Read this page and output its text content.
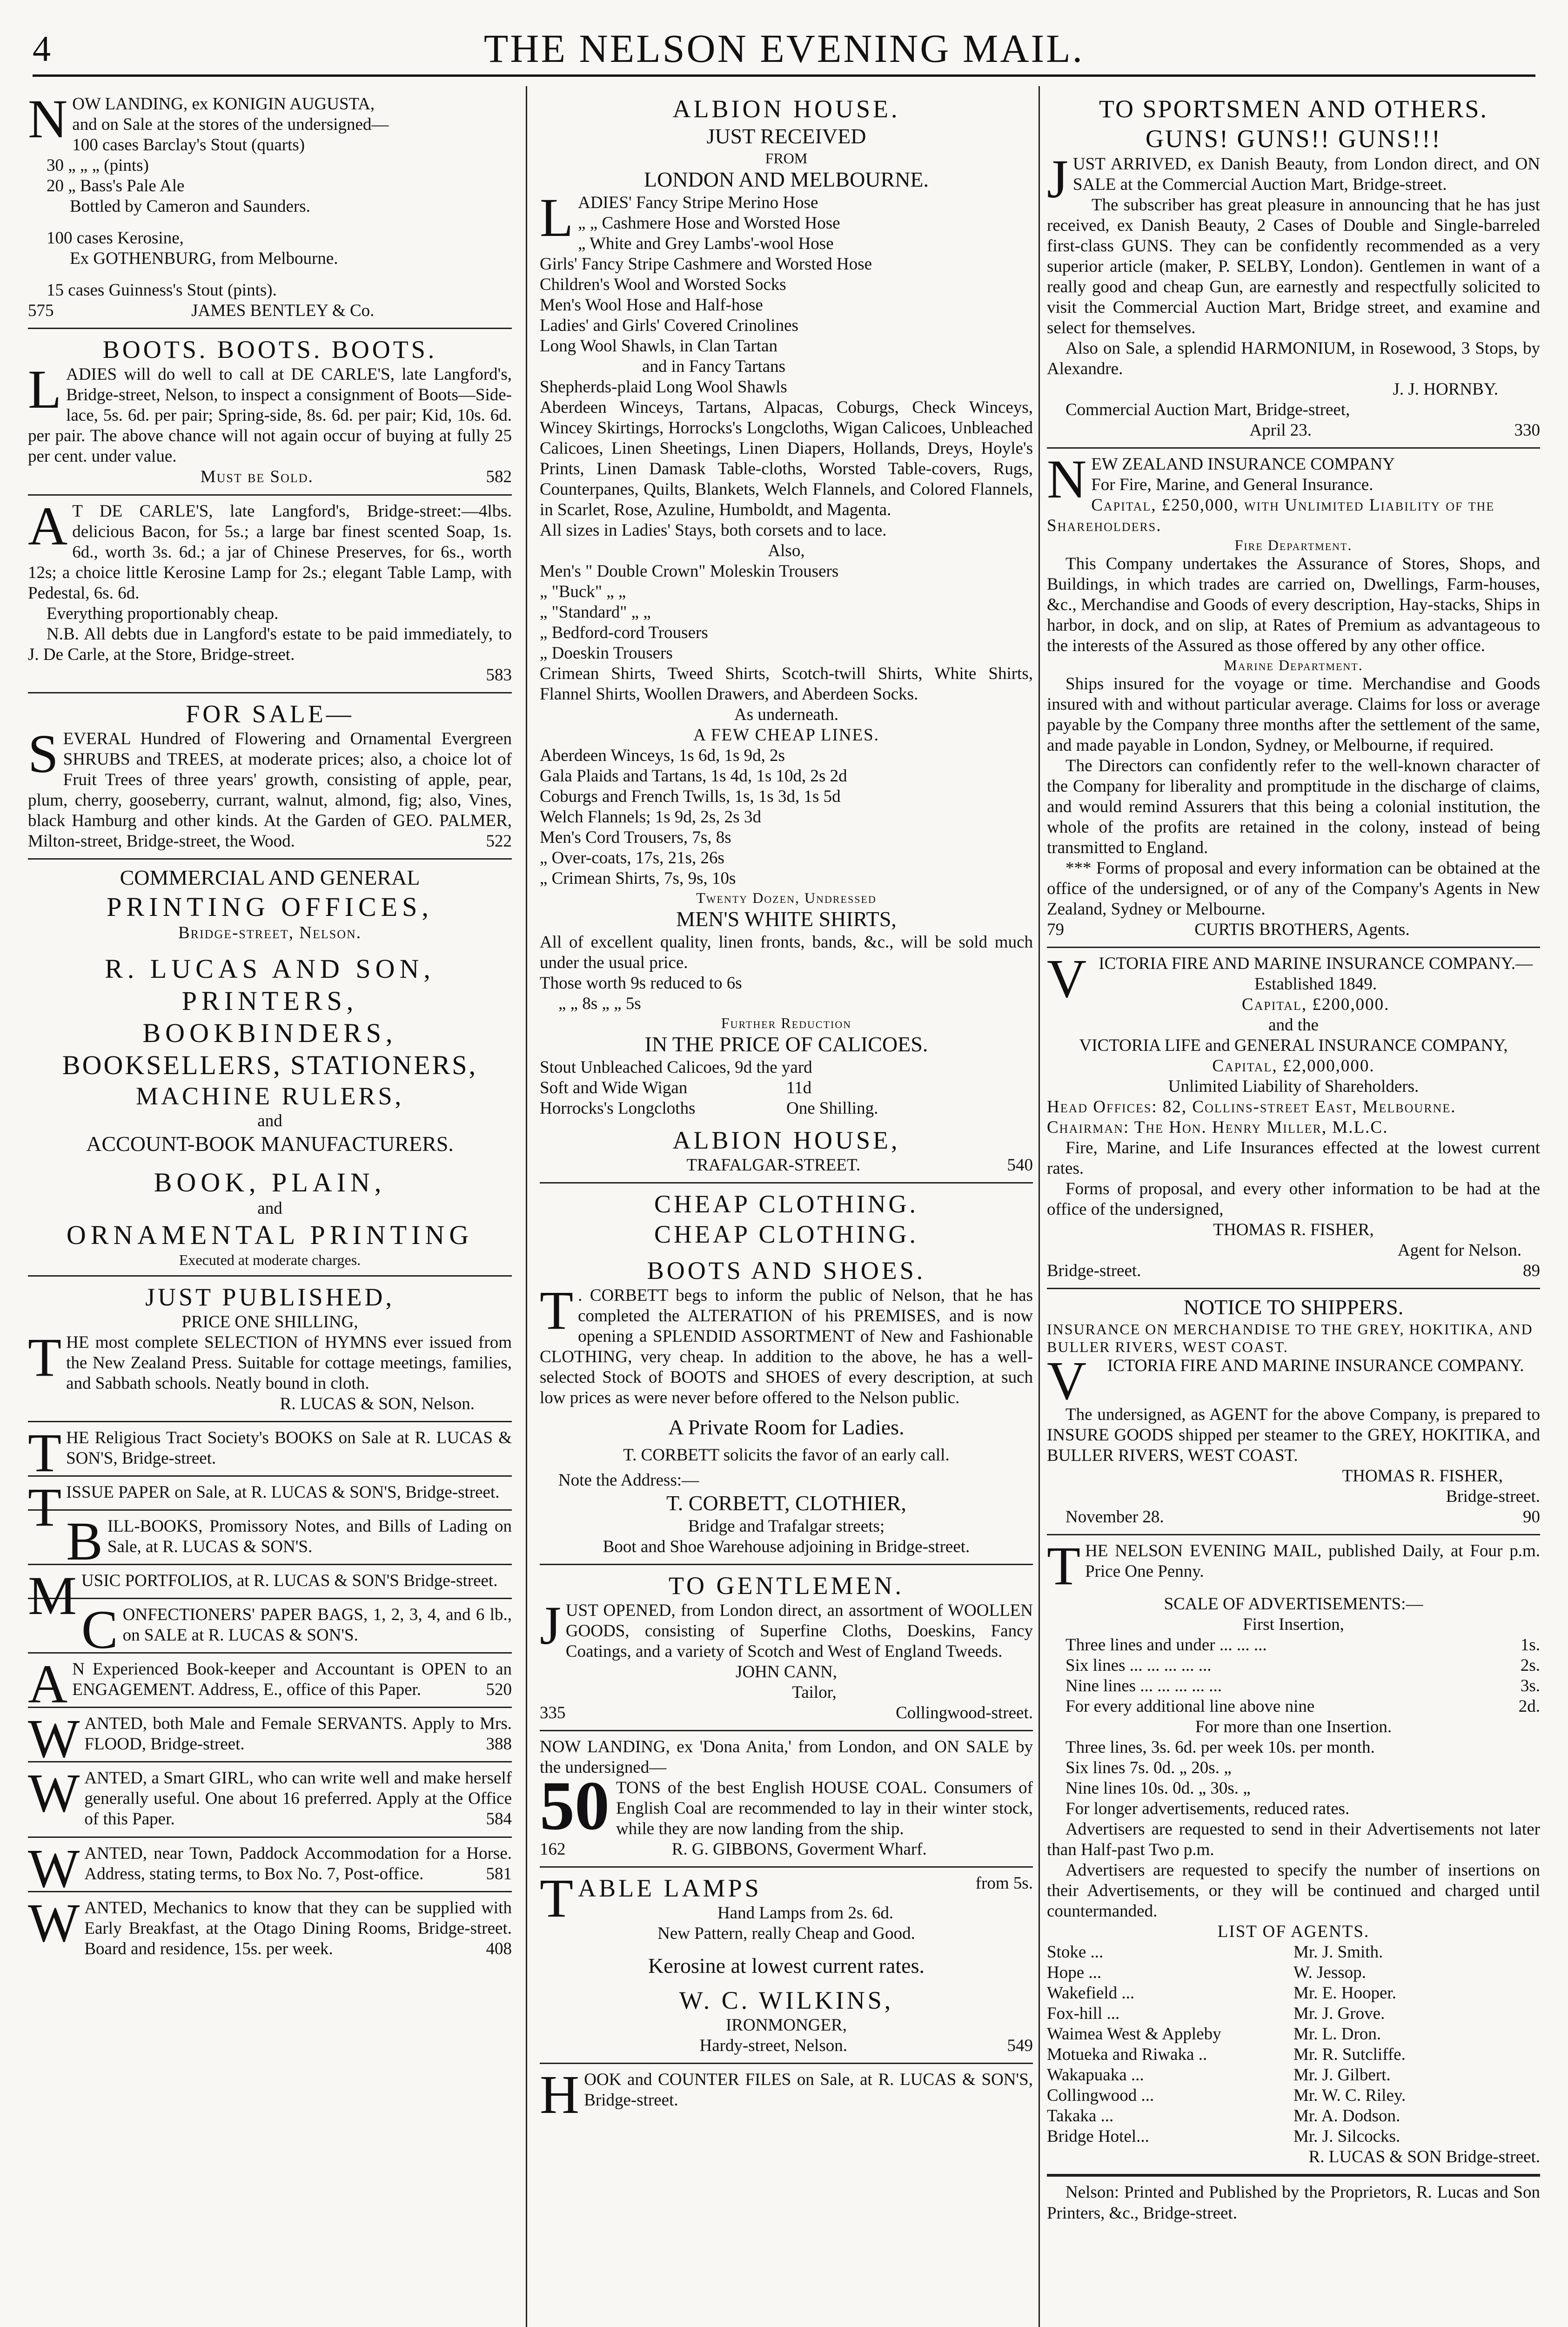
4	THE NELSON EVENING MAIL.
N OW LANDING, ex KONIGIN AUGUSTA,
and on Sale at the stores of the undersigned—
100 cases Barclay's Stout (quarts)
30 „ „ „ (pints)
20 „ Bass's Pale Ale
Bottled by Cameron and Saunders.
100 cases Kerosine,
Ex GOTHENBURG, from Melbourne.
15 cases Guinness's Stout (pints).
575	JAMES BENTLEY & Co.
BOOTS. BOOTS. BOOTS.

LADIES will do well to call at DE CARLE'S, late Langford's, Bridge-street, Nelson, to inspect a consignment of Boots—Side-lace, 5s. 6d. per pair; Spring-side, 8s. 6d. per pair; Kid, 10s. 6d. per pair. The above chance will not again occur of buying at fully 25 per cent. under value.

Must be Sold.	582

A T DE CARLE'S, late Langford's, Bridge-street:—4lbs. delicious Bacon, for 5s.; a large bar finest scented Soap, 1s. 6d., worth 3s. 6d.; a jar of Chinese Preserves, for 6s., worth 12s; a choice little Kerosine Lamp for 2s.; elegant Table Lamp, with Pedestal, 6s. 6d.

Everything proportionably cheap.

N.B. All debts due in Langford's estate to be paid immediately, to J. De Carle, at the Store, Bridge-street.

583
FOR SALE—

SEVERAL Hundred of Flowering and Ornamental Evergreen SHRUBS and TREES, at moderate prices; also, a choice lot of Fruit Trees of three years' growth, consisting of apple, pear, plum, cherry, gooseberry, currant, walnut, almond, fig; also, Vines, black Hamburg and other kinds. At the Garden of GEO. PALMER, Milton-street, Bridge-street, the Wood.	522

COMMERCIAL AND GENERAL
PRINTING OFFICES,
Bridge-street, Nelson.
R. LUCAS AND SON,
PRINTERS,
BOOKBINDERS,
BOOKSELLERS, STATIONERS,
MACHINE RULERS,
and
ACCOUNT-BOOK MANUFACTURERS.
BOOK, PLAIN,
and
ORNAMENTAL PRINTING
Executed at moderate charges.
JUST PUBLISHED,
PRICE ONE SHILLING,

THE most complete SELECTION of HYMNS ever issued from the New Zealand Press. Suitable for cottage meetings, families, and Sabbath schools. Neatly bound in cloth.

R. LUCAS & SON, Nelson.

THE Religious Tract Society's BOOKS on Sale at R. LUCAS & SON'S, Bridge-street.

TISSUE PAPER on Sale, at R. LUCAS & SON'S, Bridge-street.

BILL-BOOKS, Promissory Notes, and Bills of Lading on Sale, at R. LUCAS & SON'S.

MUSIC PORTFOLIOS, at R. LUCAS & SON'S Bridge-street.

CONFECTIONERS' PAPER BAGS, 1, 2, 3, 4, and 6 lb., on SALE at R. LUCAS & SON'S.

A N Experienced Book-keeper and Accountant is OPEN to an ENGAGEMENT. Address, E., office of this Paper.	520

WANTED, both Male and Female SERVANTS. Apply to Mrs. FLOOD, Bridge-street.	388

WANTED, a Smart GIRL, who can write well and make herself generally useful. One about 16 preferred. Apply at the Office of this Paper.	584

WANTED, near Town, Paddock Accommodation for a Horse. Address, stating terms, to Box No. 7, Post-office.	581

WANTED, Mechanics to know that they can be supplied with Early Breakfast, at the Otago Dining Rooms, Bridge-street. Board and residence, 15s. per week.	408

ALBION HOUSE.
JUST RECEIVED
FROM
LONDON AND MELBOURNE.
L ADIES' Fancy Stripe Merino Hose
„ „ Cashmere Hose and Worsted Hose
„ White and Grey Lambs'-wool Hose
Girls' Fancy Stripe Cashmere and Worsted Hose
Children's Wool and Worsted Socks
Men's Wool Hose and Half-hose
Ladies' and Girls' Covered Crinolines
Long Wool Shawls, in Clan Tartan
and in Fancy Tartans
Shepherds-plaid Long Wool Shawls

Aberdeen Winceys, Tartans, Alpacas, Coburgs, Check Winceys, Wincey Skirtings, Horrocks's Longcloths, Wigan Calicoes, Unbleached Calicoes, Linen Sheetings, Linen Diapers, Hollands, Dreys, Hoyle's Prints, Linen Damask Table-cloths, Worsted Table-covers, Rugs, Counterpanes, Quilts, Blankets, Welch Flannels, and Colored Flannels, in Scarlet, Rose, Azuline, Humboldt, and Magenta.

All sizes in Ladies' Stays, both corsets and to lace.
Also,
Men's " Double Crown" Moleskin Trousers
„ "Buck" „ „
„ "Standard" „ „
„ Bedford-cord Trousers
„ Doeskin Trousers

Crimean Shirts, Tweed Shirts, Scotch-twill Shirts, White Shirts, Flannel Shirts, Woollen Drawers, and Aberdeen Socks.

As underneath.
A FEW CHEAP LINES.
Aberdeen Winceys, 1s 6d, 1s 9d, 2s
Gala Plaids and Tartans, 1s 4d, 1s 10d, 2s 2d
Coburgs and French Twills, 1s, 1s 3d, 1s 5d
Welch Flannels; 1s 9d, 2s, 2s 3d
Men's Cord Trousers, 7s, 8s
„ Over-coats, 17s, 21s, 26s
„ Crimean Shirts, 7s, 9s, 10s
Twenty Dozen, Undressed
MEN'S WHITE SHIRTS,

All of excellent quality, linen fronts, bands, &c., will be sold much under the usual price.

Those worth 9s reduced to 6s
„ „ 8s „ „ 5s
Further Reduction
IN THE PRICE OF CALICOES.
Stout Unbleached Calicoes, 9d the yard
Soft and Wide Wigan	11d
Horrocks's Longcloths	One Shilling.
ALBION HOUSE,
TRAFALGAR-STREET.	540
CHEAP CLOTHING.
CHEAP CLOTHING.
BOOTS AND SHOES.

T . CORBETT begs to inform the public of Nelson, that he has completed the ALTERATION of his PREMISES, and is now opening a SPLENDID ASSORTMENT of New and Fashionable CLOTHING, very cheap. In addition to the above, he has a well-selected Stock of BOOTS and SHOES of every description, at such low prices as were never before offered to the Nelson public.

A Private Room for Ladies.
T. CORBETT solicits the favor of an early call.
Note the Address:—
T. CORBETT, CLOTHIER,
Bridge and Trafalgar streets;
Boot and Shoe Warehouse adjoining in Bridge-street.
TO GENTLEMEN.

JUST OPENED, from London direct, an assortment of WOOLLEN GOODS, consisting of Superfine Cloths, Doeskins, Fancy Coatings, and a variety of Scotch and West of England Tweeds.

JOHN CANN,
Tailor,
335	Collingwood-street.

NOW LANDING, ex 'Dona Anita,' from London, and ON SALE by the undersigned—

50 TONS of the best English HOUSE COAL. Consumers of English Coal are recommended to lay in their winter stock, while they are now landing from the ship.

162	R. G. GIBBONS, Goverment Wharf.
T ABLE LAMPS	from 5s.
Hand Lamps from 2s. 6d.
New Pattern, really Cheap and Good.
Kerosine at lowest current rates.
W. C. WILKINS,
IRONMONGER,
Hardy-street, Nelson.	549

HOOK and COUNTER FILES on Sale, at R. LUCAS & SON'S, Bridge-street.

TO SPORTSMEN AND OTHERS.
GUNS! GUNS!! GUNS!!!

JUST ARRIVED, ex Danish Beauty, from London direct, and ON SALE at the Commercial Auction Mart, Bridge-street.

The subscriber has great pleasure in announcing that he has just received, ex Danish Beauty, 2 Cases of Double and Single-barreled first-class GUNS. They can be confidently recommended as a very superior article (maker, P. SELBY, London). Gentlemen in want of a really good and cheap Gun, are earnestly and respectfully solicited to visit the Commercial Auction Mart, Bridge street, and examine and select for themselves.

Also on Sale, a splendid HARMONIUM, in Rosewood, 3 Stops, by Alexandre.

J. J. HORNBY.
Commercial Auction Mart, Bridge-street,
April 23.	330
N EW ZEALAND INSURANCE COMPANY
For Fire, Marine, and General Insurance.
Capital, £250,000, with Unlimited Liability of the Shareholders.
Fire Department.

This Company undertakes the Assurance of Stores, Shops, and Buildings, in which trades are carried on, Dwellings, Farm-houses, &c., Merchandise and Goods of every description, Hay-stacks, Ships in harbor, in dock, and on slip, at Rates of Premium as advantageous to the interests of the Assured as those offered by any other office.

Marine Department.

Ships insured for the voyage or time. Merchandise and Goods insured with and without particular average. Claims for loss or average payable by the Company three months after the settlement of the same, and made payable in London, Sydney, or Melbourne, if required.

The Directors can confidently refer to the well-known character of the Company for liberality and promptitude in the discharge of claims, and would remind Assurers that this being a colonial institution, the whole of the profits are retained in the colony, instead of being transmitted to England.

*** Forms of proposal and every information can be obtained at the office of the undersigned, or of any of the Company's Agents in New Zealand, Sydney or Melbourne.

79	CURTIS BROTHERS, Agents.
V ICTORIA FIRE AND MARINE INSURANCE COMPANY.—Established 1849.
Capital, £200,000.
and the
VICTORIA LIFE and GENERAL INSURANCE COMPANY,
Capital, £2,000,000.
Unlimited Liability of Shareholders.
Head Offices: 82, Collins-street East, Melbourne.
Chairman: The Hon. Henry Miller, M.L.C.

Fire, Marine, and Life Insurances effected at the lowest current rates.

Forms of proposal, and every other information to be had at the office of the undersigned,

THOMAS R. FISHER,
Agent for Nelson.
Bridge-street.	89
NOTICE TO SHIPPERS.
INSURANCE ON MERCHANDISE TO THE GREY, HOKITIKA, AND BULLER RIVERS, WEST COAST.
V	ICTORIA FIRE AND MARINE INSURANCE COMPANY.

The undersigned, as AGENT for the above Company, is prepared to INSURE GOODS shipped per steamer to the GREY, HOKITIKA, and BULLER RIVERS, WEST COAST.

THOMAS R. FISHER,
Bridge-street.
November 28.	90

THE NELSON EVENING MAIL, published Daily, at Four p.m. Price One Penny.

SCALE OF ADVERTISEMENTS:—
First Insertion,
Three lines and under ... ... ...	1s.
Six lines ... ... ... ... ...	2s.
Nine lines ... ... ... ... ...	3s.
For every additional line above nine	2d.
For more than one Insertion.
Three lines, 3s. 6d. per week 10s. per month.
Six lines 7s. 0d. „ 20s. „
Nine lines 10s. 0d. „ 30s. „
For longer advertisements, reduced rates.

Advertisers are requested to send in their Advertisements not later than Half-past Two p.m.

Advertisers are requested to specify the number of insertions on their Advertisements, or they will be continued and charged until countermanded.

LIST OF AGENTS.
Stoke ...	Mr. J. Smith.
Hope ...	W. Jessop.
Wakefield ...	Mr. E. Hooper.
Fox-hill ...	Mr. J. Grove.
Waimea West & Appleby	Mr. L. Dron.
Motueka and Riwaka ..	Mr. R. Sutcliffe.
Wakapuaka ...	Mr. J. Gilbert.
Collingwood ...	Mr. W. C. Riley.
Takaka ...	Mr. A. Dodson.
Bridge Hotel...	Mr. J. Silcocks.
R. LUCAS & SON Bridge-street.

Nelson: Printed and Published by the Proprietors, R. Lucas and Son Printers, &c., Bridge-street.
